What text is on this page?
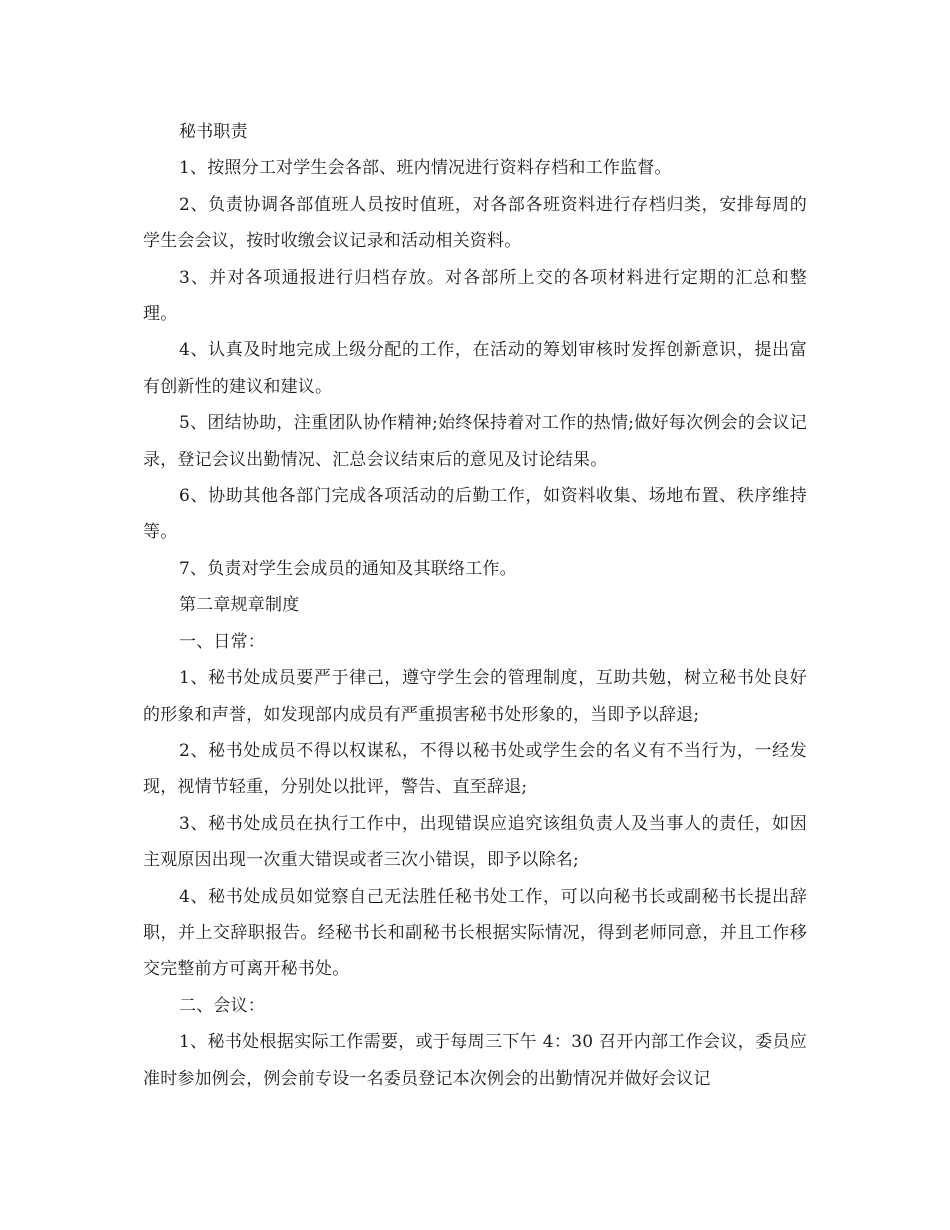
秘书职责

1、按照分工对学生会各部、班内情况进行资料存档和工作监督。

2、负责协调各部值班人员按时值班，对各部各班资料进行存档归类，安排每周的学生会会议，按时收缴会议记录和活动相关资料。

3、并对各项通报进行归档存放。对各部所上交的各项材料进行定期的汇总和整理。

4、认真及时地完成上级分配的工作，在活动的筹划审核时发挥创新意识，提出富有创新性的建议和建议。

5、团结协助，注重团队协作精神;始终保持着对工作的热情;做好每次例会的会议记录，登记会议出勤情况、汇总会议结束后的意见及讨论结果。

6、协助其他各部门完成各项活动的后勤工作，如资料收集、场地布置、秩序维持等。

7、负责对学生会成员的通知及其联络工作。

第二章规章制度

一、日常：

1、秘书处成员要严于律己，遵守学生会的管理制度，互助共勉，树立秘书处良好的形象和声誉，如发现部内成员有严重损害秘书处形象的，当即予以辞退;

2、秘书处成员不得以权谋私，不得以秘书处或学生会的名义有不当行为，一经发现，视情节轻重，分别处以批评，警告、直至辞退;

3、秘书处成员在执行工作中，出现错误应追究该组负责人及当事人的责任，如因主观原因出现一次重大错误或者三次小错误，即予以除名;

4、秘书处成员如觉察自己无法胜任秘书处工作，可以向秘书长或副秘书长提出辞职，并上交辞职报告。经秘书长和副秘书长根据实际情况，得到老师同意，并且工作移交完整前方可离开秘书处。

二、会议：

1、秘书处根据实际工作需要，或于每周三下午 4：30 召开内部工作会议，委员应准时参加例会，例会前专设一名委员登记本次例会的出勤情况并做好会议记
